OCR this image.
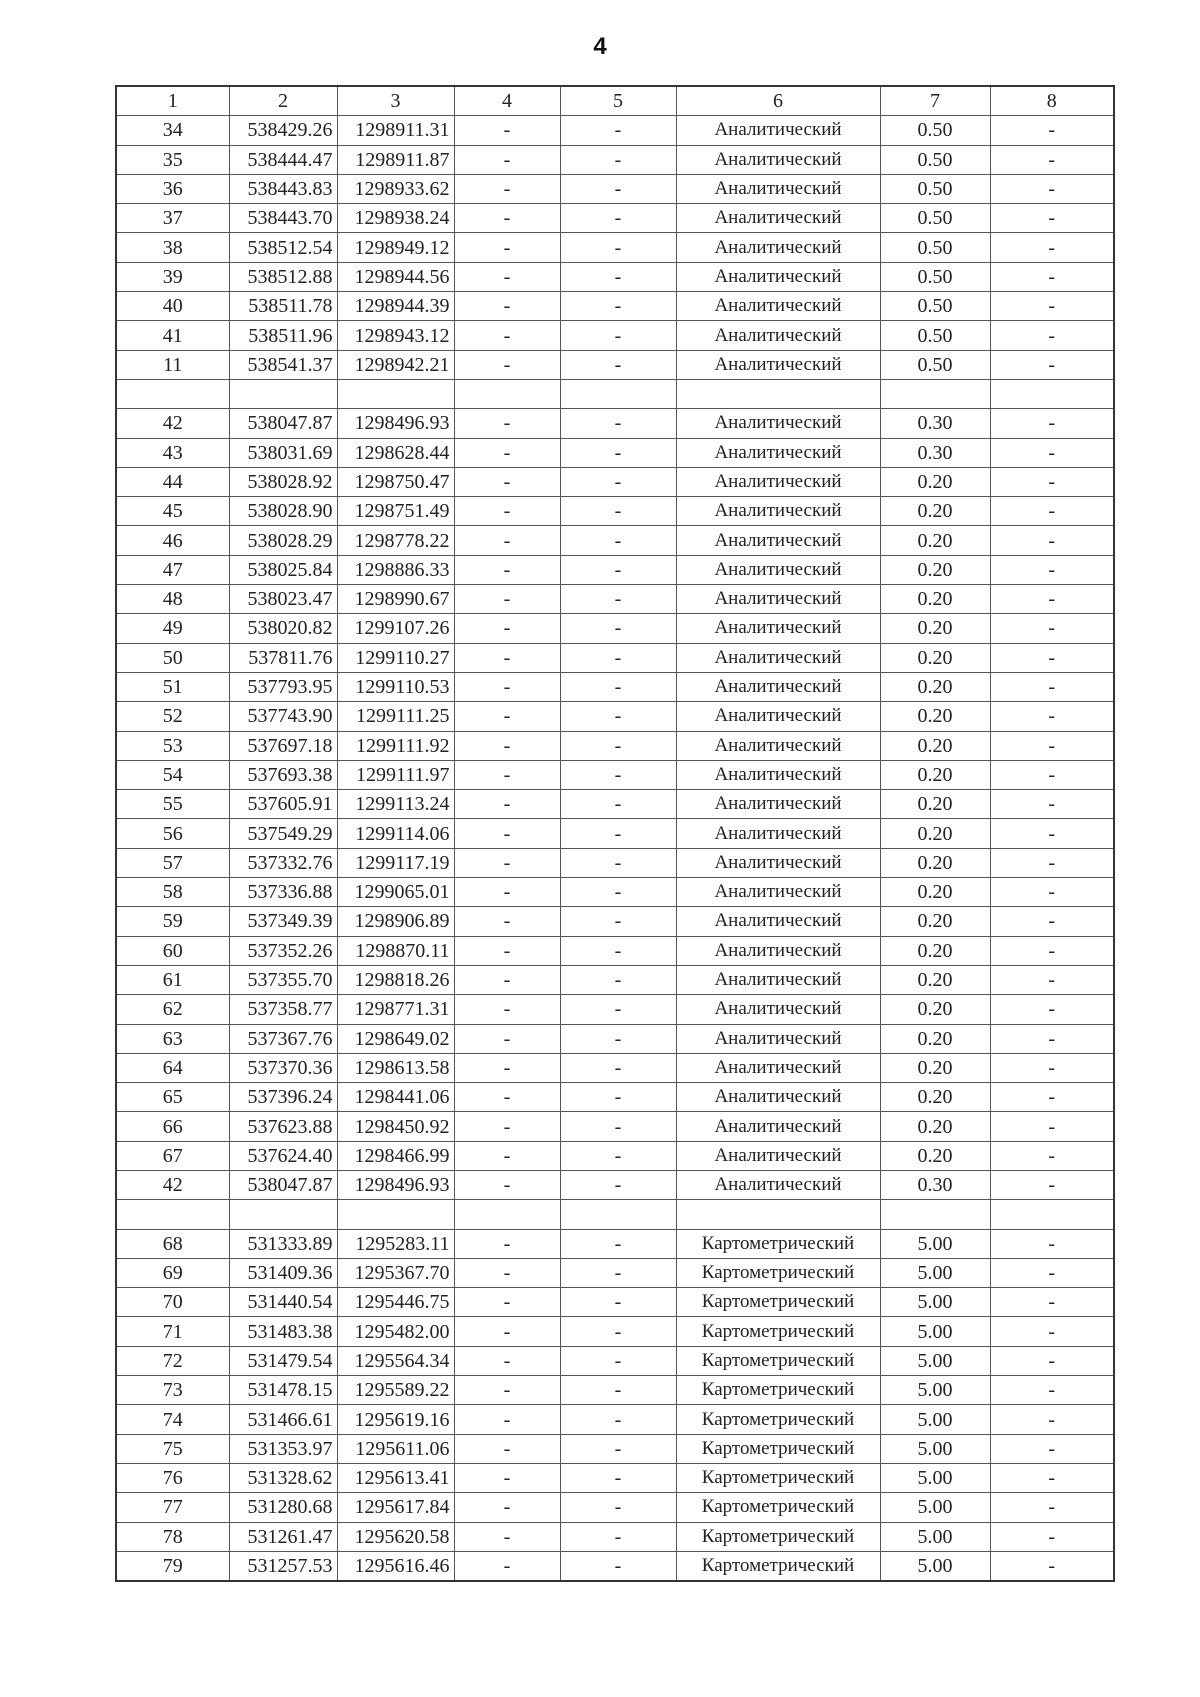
4
1	2	3	4	5	6	7	8
34	538429.26	1298911.31	-	-	Аналитический	0.50	-
35	538444.47	1298911.87	-	-	Аналитический	0.50	-
36	538443.83	1298933.62	-	-	Аналитический	0.50	-
37	538443.70	1298938.24	-	-	Аналитический	0.50	-
38	538512.54	1298949.12	-	-	Аналитический	0.50	-
39	538512.88	1298944.56	-	-	Аналитический	0.50	-
40	538511.78	1298944.39	-	-	Аналитический	0.50	-
41	538511.96	1298943.12	-	-	Аналитический	0.50	-
11	538541.37	1298942.21	-	-	Аналитический	0.50	-

42	538047.87	1298496.93	-	-	Аналитический	0.30	-
43	538031.69	1298628.44	-	-	Аналитический	0.30	-
44	538028.92	1298750.47	-	-	Аналитический	0.20	-
45	538028.90	1298751.49	-	-	Аналитический	0.20	-
46	538028.29	1298778.22	-	-	Аналитический	0.20	-
47	538025.84	1298886.33	-	-	Аналитический	0.20	-
48	538023.47	1298990.67	-	-	Аналитический	0.20	-
49	538020.82	1299107.26	-	-	Аналитический	0.20	-
50	537811.76	1299110.27	-	-	Аналитический	0.20	-
51	537793.95	1299110.53	-	-	Аналитический	0.20	-
52	537743.90	1299111.25	-	-	Аналитический	0.20	-
53	537697.18	1299111.92	-	-	Аналитический	0.20	-
54	537693.38	1299111.97	-	-	Аналитический	0.20	-
55	537605.91	1299113.24	-	-	Аналитический	0.20	-
56	537549.29	1299114.06	-	-	Аналитический	0.20	-
57	537332.76	1299117.19	-	-	Аналитический	0.20	-
58	537336.88	1299065.01	-	-	Аналитический	0.20	-
59	537349.39	1298906.89	-	-	Аналитический	0.20	-
60	537352.26	1298870.11	-	-	Аналитический	0.20	-
61	537355.70	1298818.26	-	-	Аналитический	0.20	-
62	537358.77	1298771.31	-	-	Аналитический	0.20	-
63	537367.76	1298649.02	-	-	Аналитический	0.20	-
64	537370.36	1298613.58	-	-	Аналитический	0.20	-
65	537396.24	1298441.06	-	-	Аналитический	0.20	-
66	537623.88	1298450.92	-	-	Аналитический	0.20	-
67	537624.40	1298466.99	-	-	Аналитический	0.20	-
42	538047.87	1298496.93	-	-	Аналитический	0.30	-

68	531333.89	1295283.11	-	-	Картометрический	5.00	-
69	531409.36	1295367.70	-	-	Картометрический	5.00	-
70	531440.54	1295446.75	-	-	Картометрический	5.00	-
71	531483.38	1295482.00	-	-	Картометрический	5.00	-
72	531479.54	1295564.34	-	-	Картометрический	5.00	-
73	531478.15	1295589.22	-	-	Картометрический	5.00	-
74	531466.61	1295619.16	-	-	Картометрический	5.00	-
75	531353.97	1295611.06	-	-	Картометрический	5.00	-
76	531328.62	1295613.41	-	-	Картометрический	5.00	-
77	531280.68	1295617.84	-	-	Картометрический	5.00	-
78	531261.47	1295620.58	-	-	Картометрический	5.00	-
79	531257.53	1295616.46	-	-	Картометрический	5.00	-
